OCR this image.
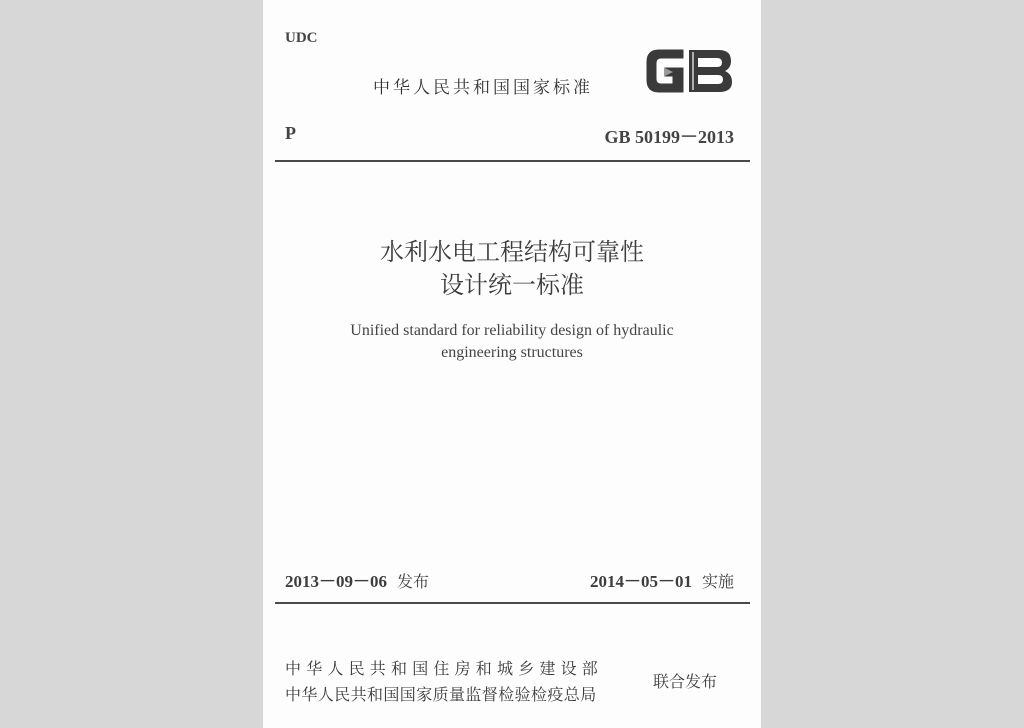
UDC
中华人民共和国国家标准
P	GB 50199－2013
水利水电工程结构可靠性
设计统一标准
Unified standard for reliability design of hydraulic
engineering structures
2013－09－06 发布	2014－05－01 实施
中华人民共和国住房和城乡建设部
中华人民共和国国家质量监督检验检疫总局
联合发布
